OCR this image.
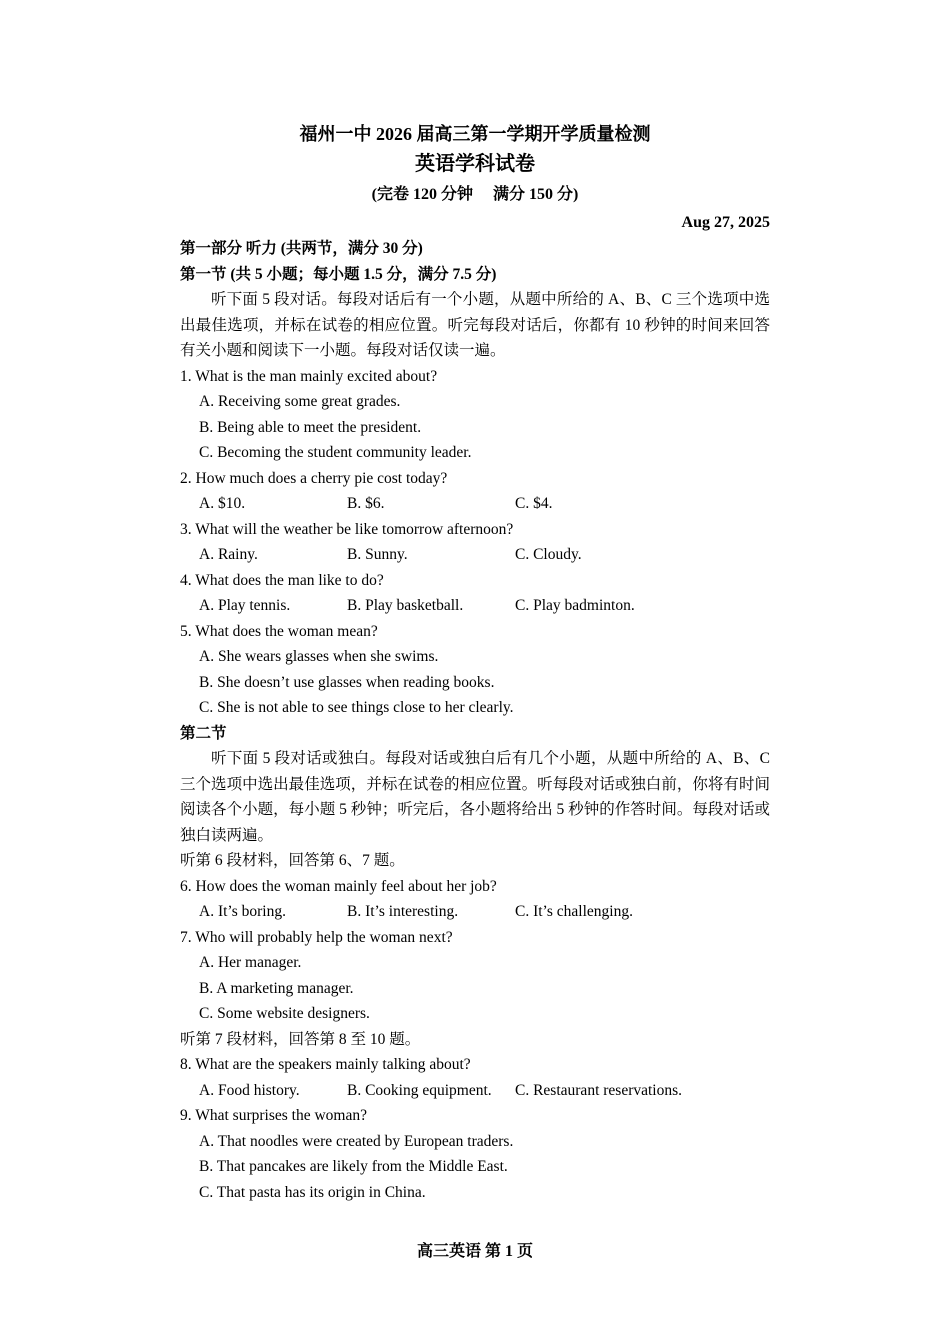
福州一中 2026 届高三第一学期开学质量检测
英语学科试卷
(完卷 120 分钟　 满分 150 分)
Aug 27, 2025
第一部分 听力 (共两节，满分 30 分)
第一节 (共 5 小题；每小题 1.5 分，满分 7.5 分)

听下面 5 段对话。每段对话后有一个小题，从题中所给的 A、B、C 三个选项中选出最佳选项，并标在试卷的相应位置。听完每段对话后，你都有 10 秒钟的时间来回答有关小题和阅读下一小题。每段对话仅读一遍。

1. What is the man mainly excited about?
A. Receiving some great grades.
B. Being able to meet the president.
C. Becoming the student community leader.
2. How much does a cherry pie cost today?
A. $10.	B. $6.	C. $4.
3. What will the weather be like tomorrow afternoon?
A. Rainy.	B. Sunny.	C. Cloudy.
4. What does the man like to do?
A. Play tennis.	B. Play basketball.	C. Play badminton.
5. What does the woman mean?
A. She wears glasses when she swims.
B. She doesn’t use glasses when reading books.
C. She is not able to see things close to her clearly.
第二节

听下面 5 段对话或独白。每段对话或独白后有几个小题，从题中所给的 A、B、C 三个选项中选出最佳选项，并标在试卷的相应位置。听每段对话或独白前，你将有时间阅读各个小题，每小题 5 秒钟；听完后，各小题将给出 5 秒钟的作答时间。每段对话或独白读两遍。

听第 6 段材料，回答第 6、7 题。
6. How does the woman mainly feel about her job?
A. It’s boring.	B. It’s interesting.	C. It’s challenging.
7. Who will probably help the woman next?
A. Her manager.
B. A marketing manager.
C. Some website designers.
听第 7 段材料，回答第 8 至 10 题。
8. What are the speakers mainly talking about?
A. Food history.	B. Cooking equipment.	C. Restaurant reservations.
9. What surprises the woman?
A. That noodles were created by European traders.
B. That pancakes are likely from the Middle East.
C. That pasta has its origin in China.
高三英语 第 1 页
